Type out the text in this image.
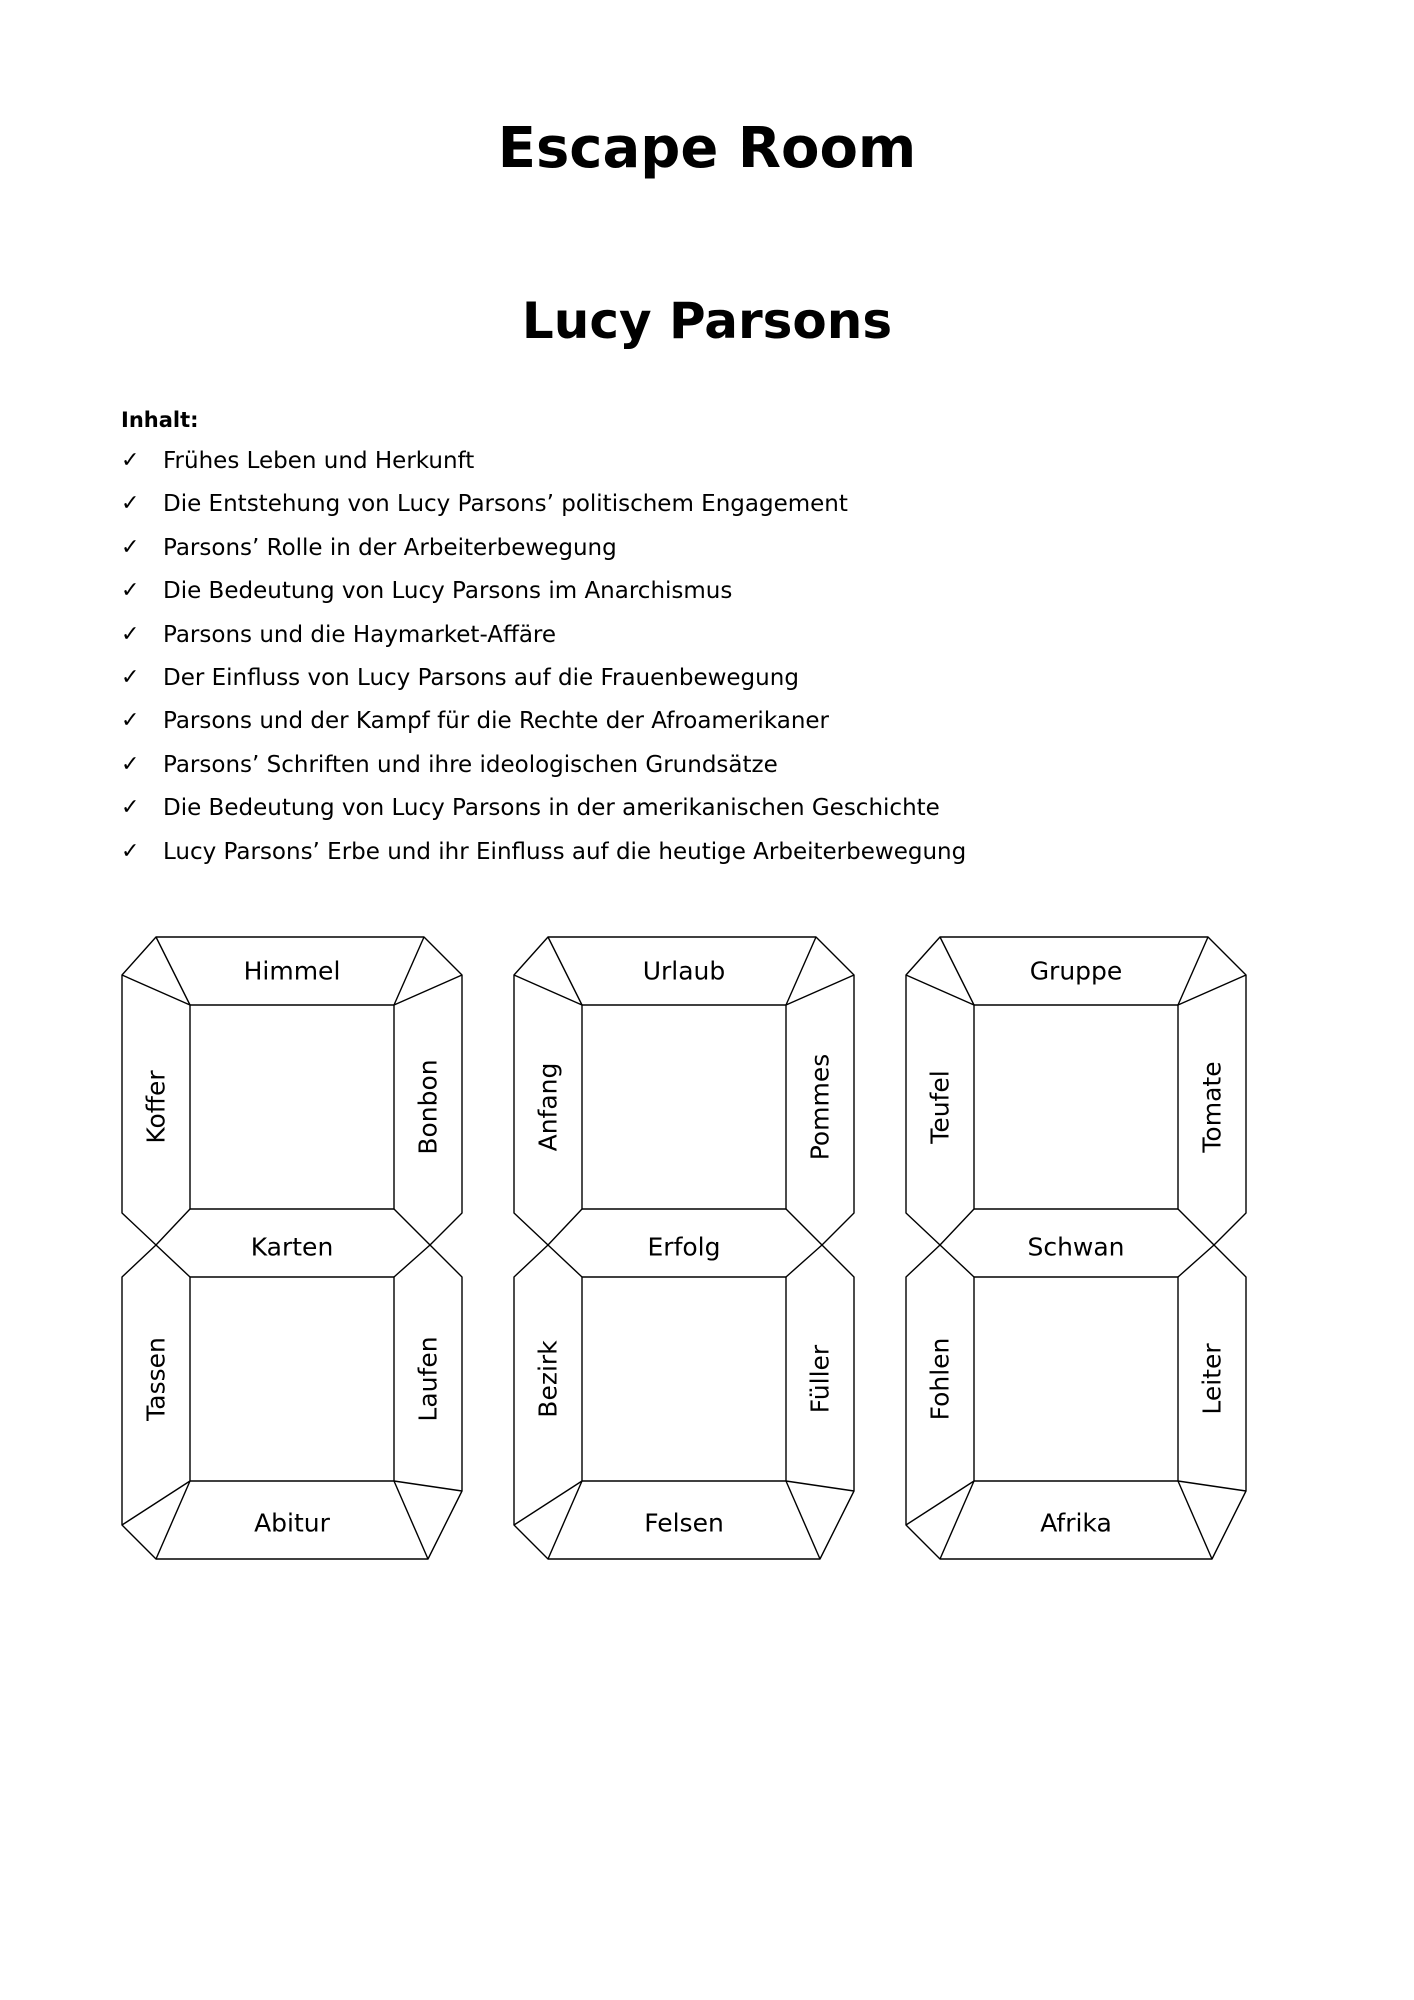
Escape Room
Lucy Parsons

Inhalt:

✓	Frühes Leben und Herkunft
✓	Die Entstehung von Lucy Parsons’ politischem Engagement
✓	Parsons’ Rolle in der Arbeiterbewegung
✓	Die Bedeutung von Lucy Parsons im Anarchismus
✓	Parsons und die Haymarket-Affäre
✓	Der Einfluss von Lucy Parsons auf die Frauenbewegung
✓	Parsons und der Kampf für die Rechte der Afroamerikaner
✓	Parsons’ Schriften und ihre ideologischen Grundsätze
✓	Die Bedeutung von Lucy Parsons in der amerikanischen Geschichte
✓	Lucy Parsons’ Erbe und ihr Einfluss auf die heutige Arbeiterbewegung
Himmel
Karten
Abitur
Koffer	Bonbon
Tassen	Laufen
Urlaub
Erfolg
Felsen
Anfang	Pommes
Bezirk	Füller
Gruppe
Schwan
Afrika
Teufel	Tomate
Fohlen	Leiter
